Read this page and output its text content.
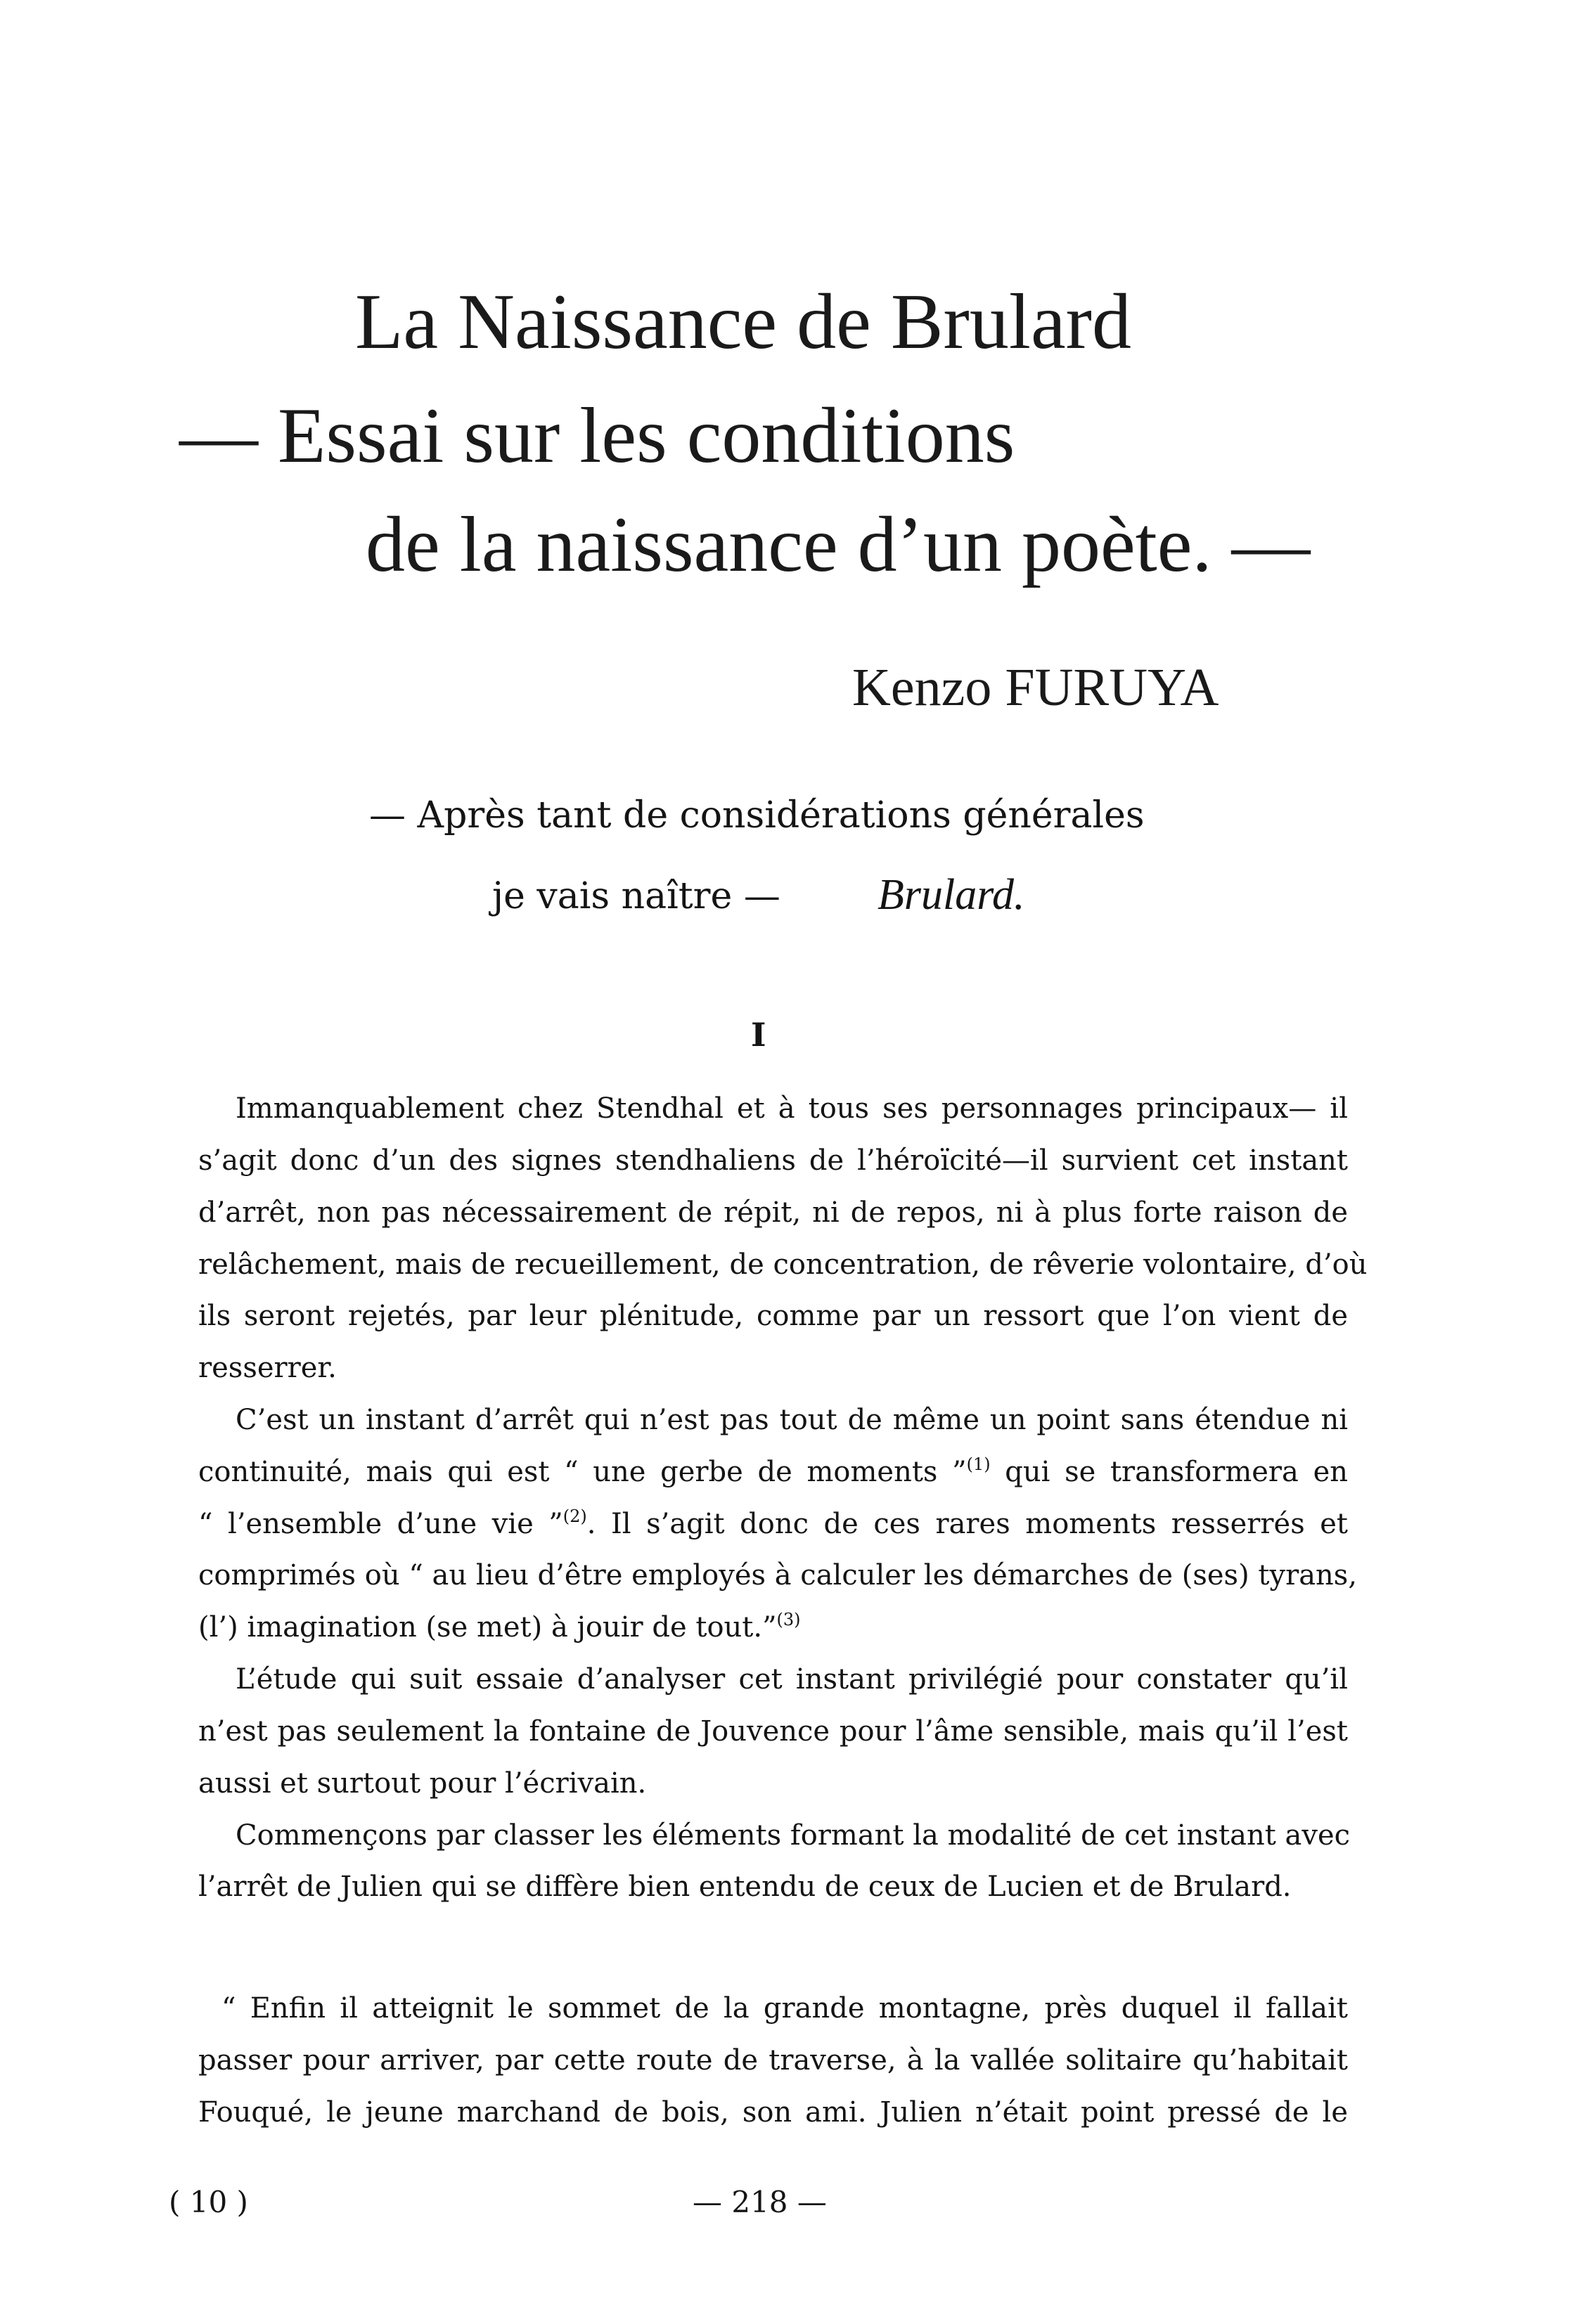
La Naissance de Brulard
— Essai sur les conditions
de la naissance d’un poète. —
Kenzo FURUYA
— Après tant de considérations générales
je vais naître — Brulard.
I
Immanquablement chez Stendhal et à tous ses personnages principaux— il
s’agit donc d’un des signes stendhaliens de l’héroïcité—il survient cet instant
d’arrêt, non pas nécessairement de répit, ni de repos, ni à plus forte raison de
relâchement, mais de recueillement, de concentration, de rêverie volontaire, d’où
ils seront rejetés, par leur plénitude, comme par un ressort que l’on vient de
resserrer.
C’est un instant d’arrêt qui n’est pas tout de même un point sans étendue ni
continuité, mais qui est “ une gerbe de moments ”$^{(1)}$ qui se transformera en
“ l’ensemble d’une vie ”$^{(2)}$. Il s’agit donc de ces rares moments resserrés et
comprimés où “ au lieu d’être employés à calculer les démarches de (ses) tyrans,
(l’) imagination (se met) à jouir de tout.”$^{(3)}$
L’étude qui suit essaie d’analyser cet instant privilégié pour constater qu’il
n’est pas seulement la fontaine de Jouvence pour l’âme sensible, mais qu’il l’est
aussi et surtout pour l’écrivain.
Commençons par classer les éléments formant la modalité de cet instant avec
l’arrêt de Julien qui se diffère bien entendu de ceux de Lucien et de Brulard.
“ Enfin il atteignit le sommet de la grande montagne, près duquel il fallait
passer pour arriver, par cette route de traverse, à la vallée solitaire qu’habitait
Fouqué, le jeune marchand de bois, son ami. Julien n’était point pressé de le
( 10 )	— 218 —
